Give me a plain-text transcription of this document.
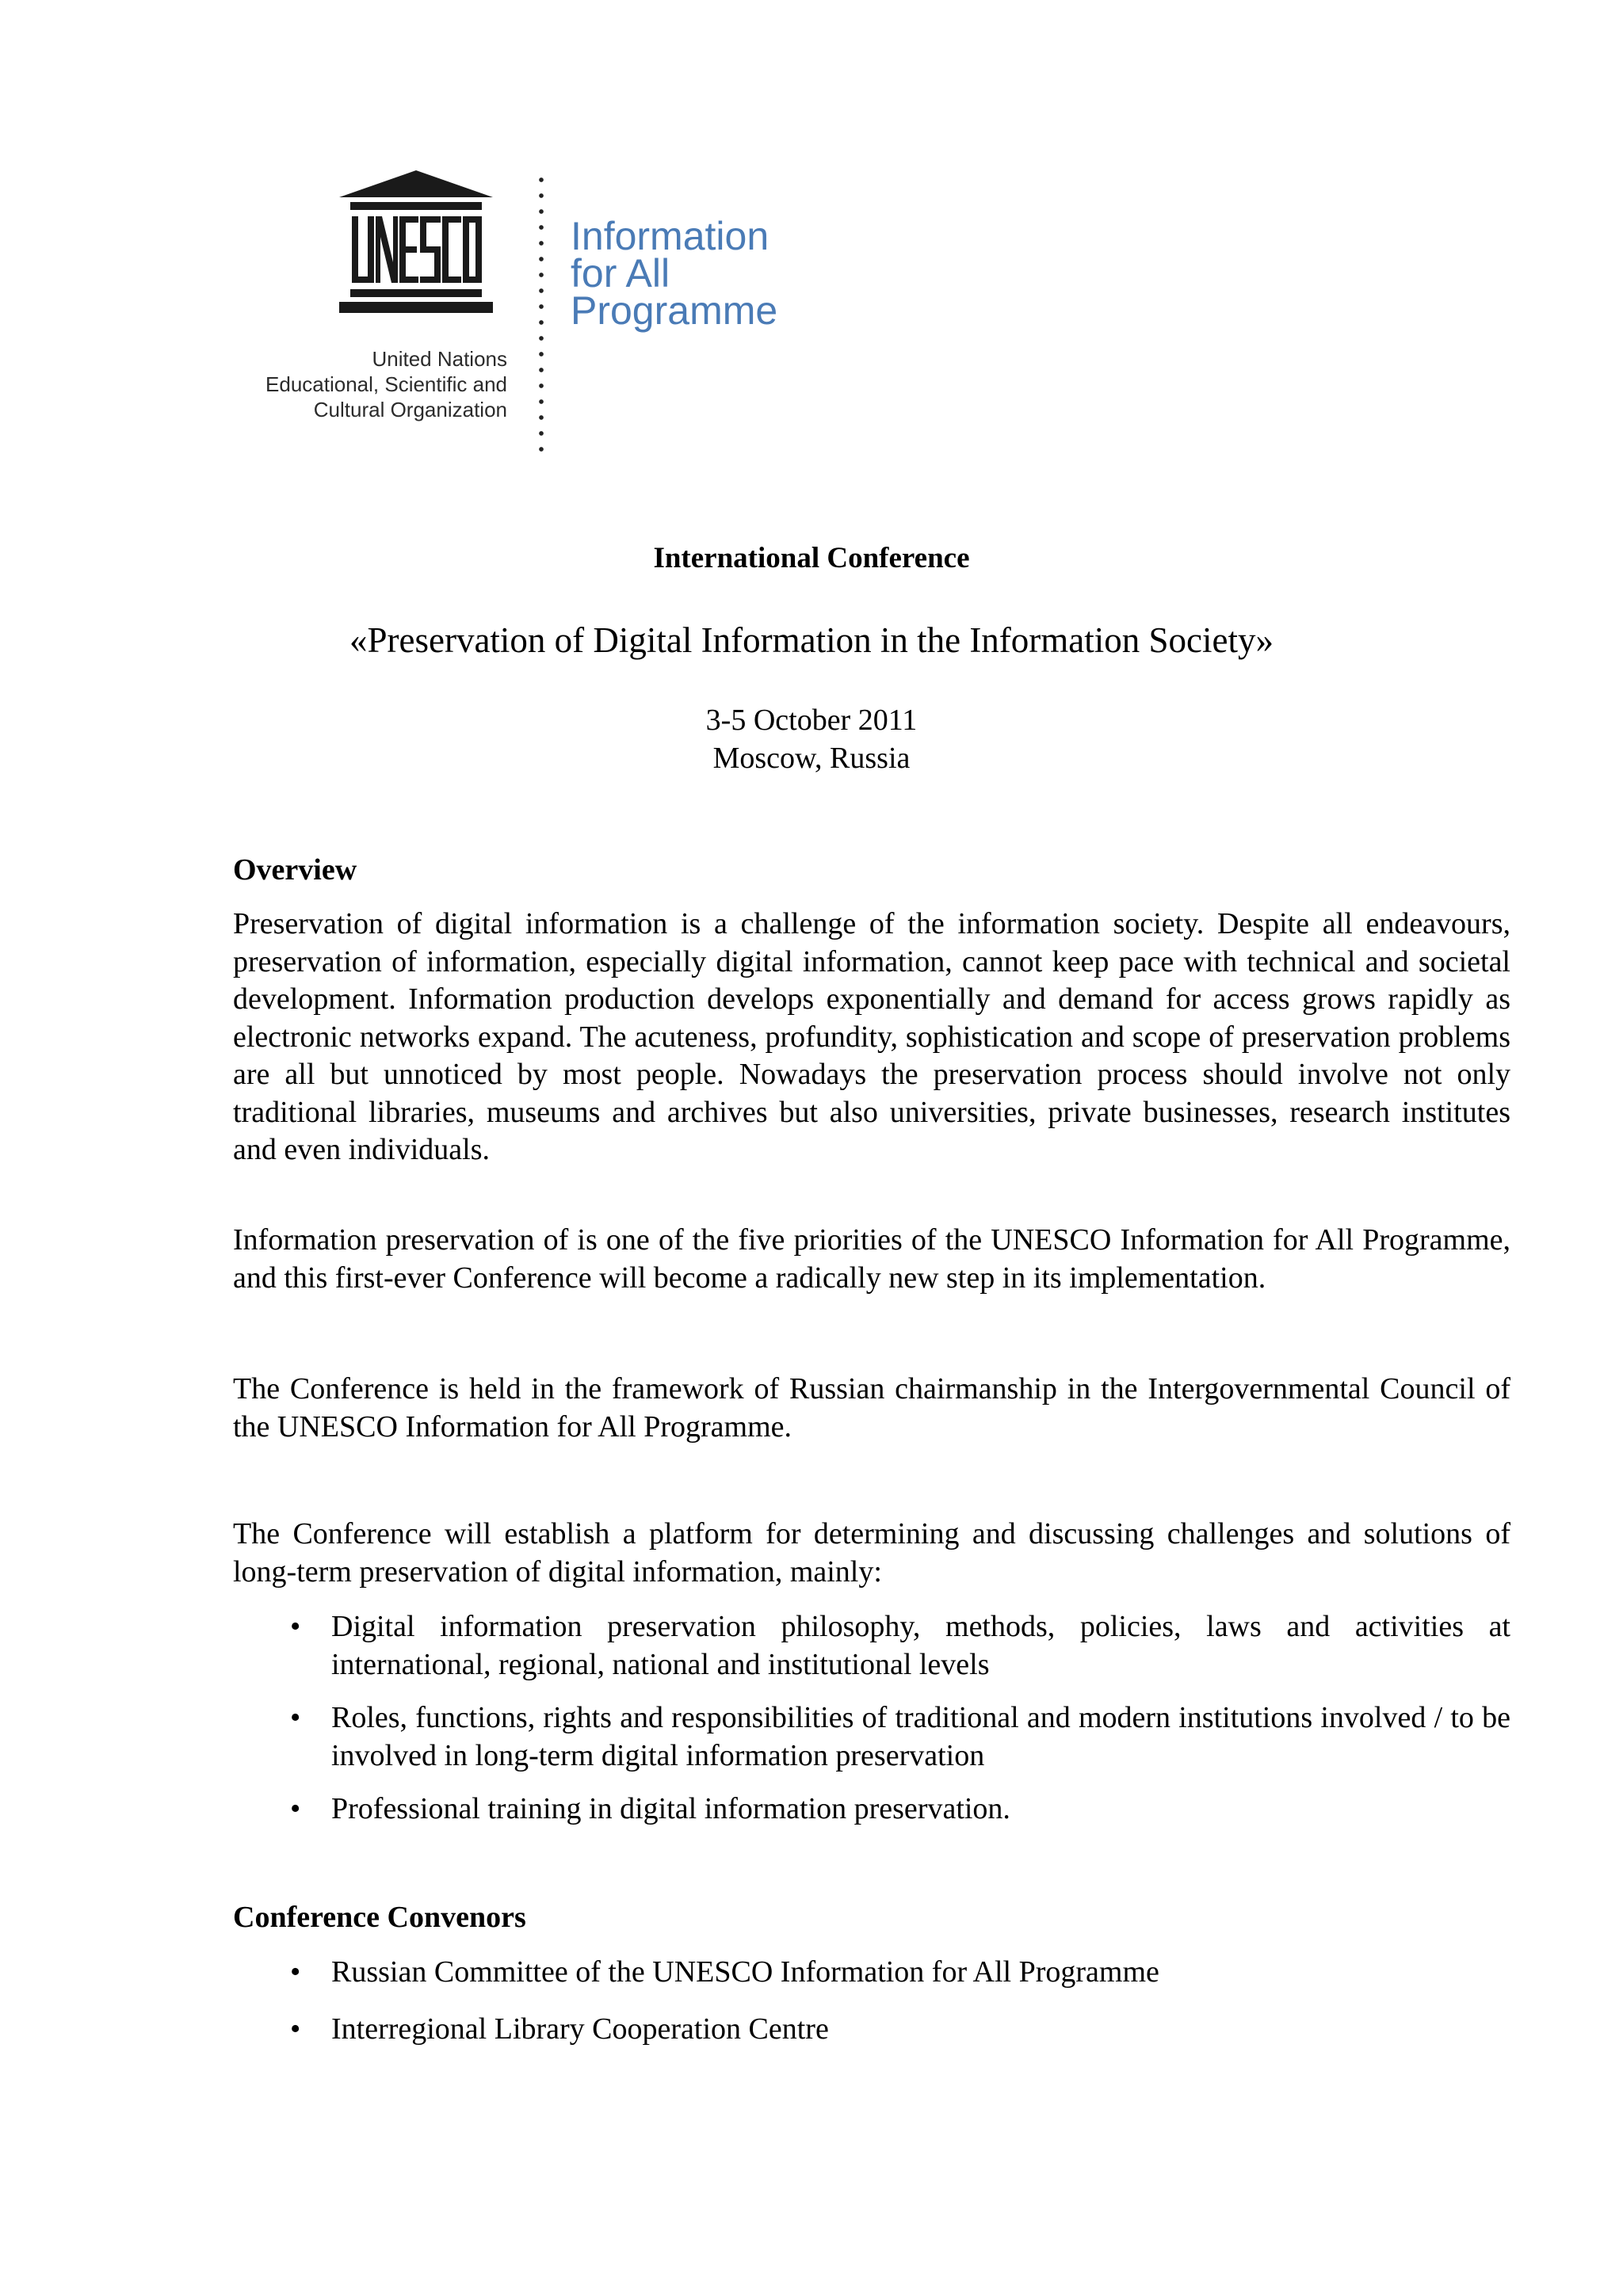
United Nations
Educational, Scientific and
Cultural Organization
Information
for All
Programme
International Conference
«Preservation of Digital Information in the Information Society»
3-5 October 2011
Moscow, Russia
Overview
Preservation of digital information is a challenge of the information society. Despite all endeavours, preservation of information, especially digital information, cannot keep pace with technical and societal development. Information production develops exponentially and demand for access grows rapidly as electronic networks expand. The acuteness, profundity, sophistication and scope of preservation problems are all but unnoticed by most people. Nowadays the preservation process should involve not only traditional libraries, museums and archives but also universities, private businesses, research institutes and even individuals.
Information preservation of is one of the five priorities of the UNESCO Information for All Programme, and this first-ever Conference will become a radically new step in its implementation.
The Conference is held in the framework of Russian chairmanship in the Intergovernmental Council of the UNESCO Information for All Programme.
The Conference will establish a platform for determining and discussing challenges and solutions of long-term preservation of digital information, mainly:
• Digital information preservation philosophy, methods, policies, laws and activities at international, regional, national and institutional levels
• Roles, functions, rights and responsibilities of traditional and modern institutions involved / to be involved in long-term digital information preservation
• Professional training in digital information preservation.
Conference Convenors
• Russian Committee of the UNESCO Information for All Programme
• Interregional Library Cooperation Centre
